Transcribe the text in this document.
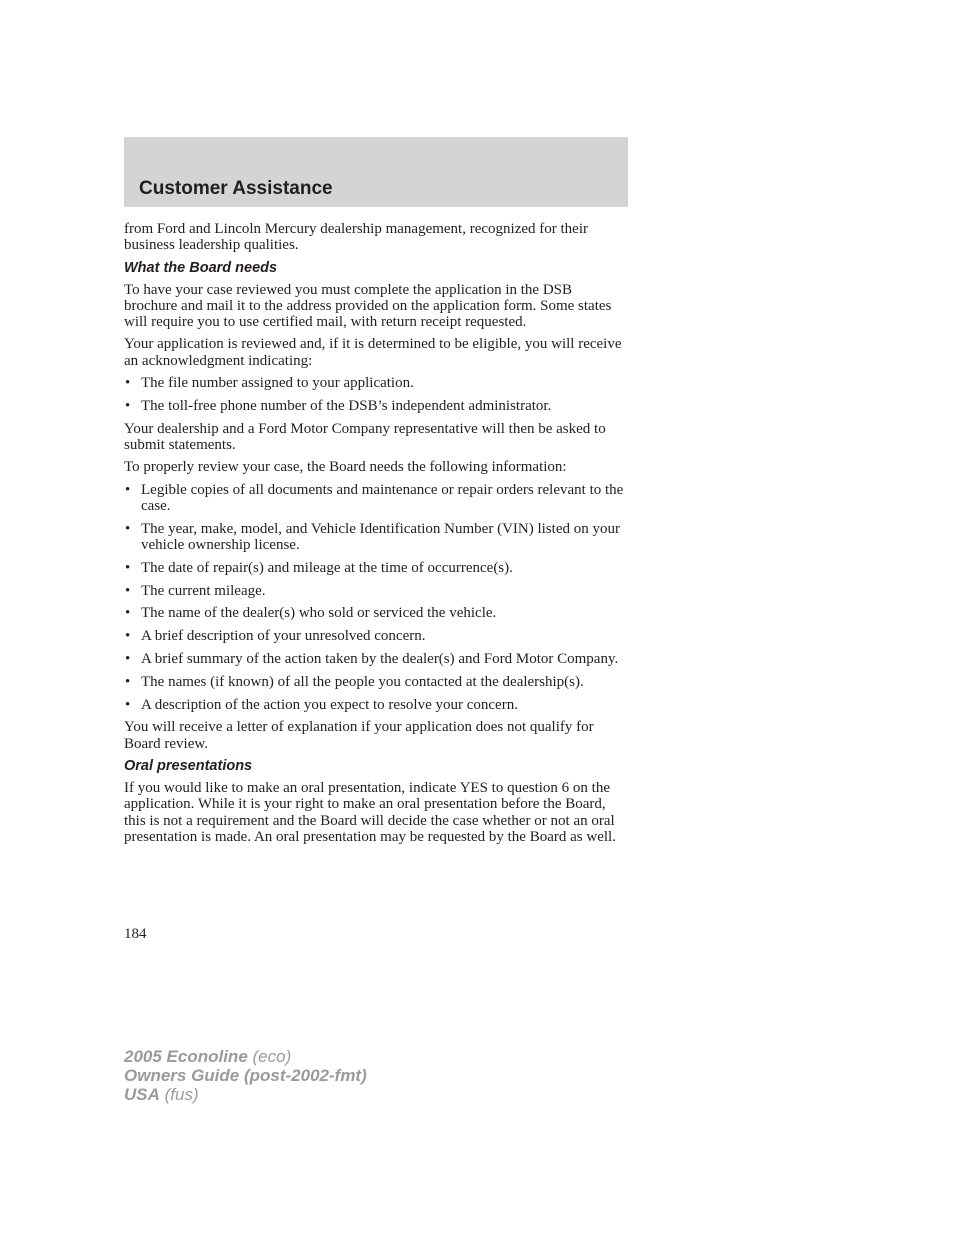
Customer Assistance

from Ford and Lincoln Mercury dealership management, recognized for their business leadership qualities.

What the Board needs

To have your case reviewed you must complete the application in the DSB brochure and mail it to the address provided on the application form. Some states will require you to use certified mail, with return receipt requested.

Your application is reviewed and, if it is determined to be eligible, you will receive an acknowledgment indicating:

• The file number assigned to your application.
• The toll-free phone number of the DSB’s independent administrator.

Your dealership and a Ford Motor Company representative will then be asked to submit statements.

To properly review your case, the Board needs the following information:

• Legible copies of all documents and maintenance or repair orders relevant to the case.
• The year, make, model, and Vehicle Identification Number (VIN) listed on your vehicle ownership license.
• The date of repair(s) and mileage at the time of occurrence(s).
• The current mileage.
• The name of the dealer(s) who sold or serviced the vehicle.
• A brief description of your unresolved concern.
• A brief summary of the action taken by the dealer(s) and Ford Motor Company.
• The names (if known) of all the people you contacted at the dealership(s).
• A description of the action you expect to resolve your concern.

You will receive a letter of explanation if your application does not qualify for Board review.

Oral presentations

If you would like to make an oral presentation, indicate YES to question 6 on the application. While it is your right to make an oral presentation before the Board, this is not a requirement and the Board will decide the case whether or not an oral presentation is made. An oral presentation may be requested by the Board as well.

184
2005 Econoline (eco)
Owners Guide (post-2002-fmt)
USA (fus)
